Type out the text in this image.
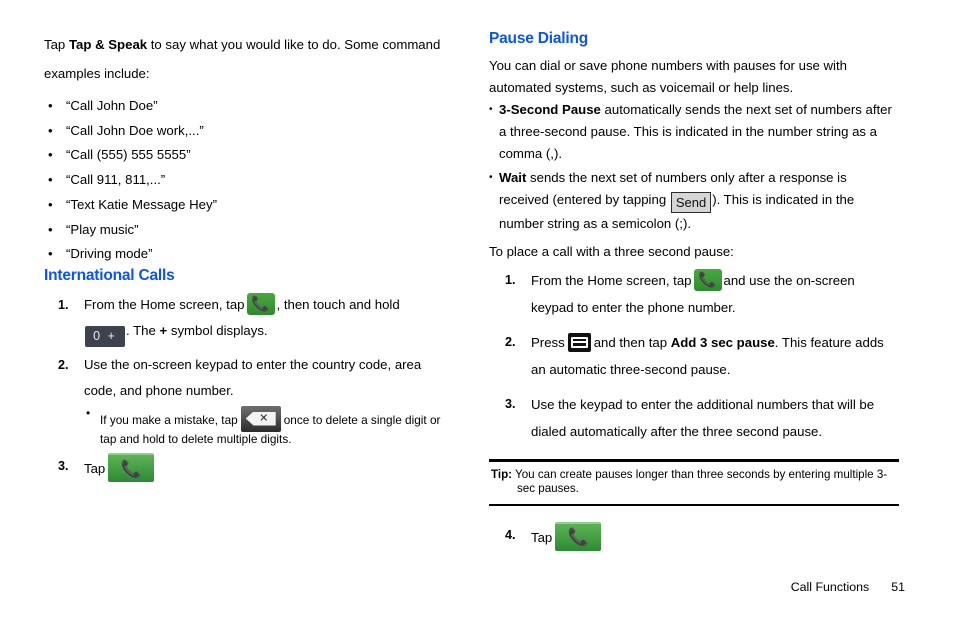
Tap Tap & Speak to say what you would like to do. Some command examples include:

• “Call John Doe”
• “Call John Doe work,...”
• “Call (555) 555 5555”
• “Call 911, 811,...”
• “Text Katie Message Hey”
• “Play music”
• “Driving mode”
International Calls
1. From the Home screen, tap 📞 , then touch and hold 0 + . The + symbol displays.
2. Use the on-screen keypad to enter the country code, area code, and phone number.
• If you make a mistake, tap	✕	once to delete a single digit or tap and hold to delete multiple digits.
3. Tap📞
Pause Dialing

You can dial or save phone numbers with pauses for use with automated systems, such as voicemail or help lines.

• 3-Second Pause automatically sends the next set of numbers after a three-second pause. This is indicated in the number string as a comma (,).
• Wait sends the next set of numbers only after a response is received (entered by tapping Send ). This is indicated in the number string as a semicolon (;).

To place a call with a three second pause:

1. From the Home screen, tap 📞 and use the on-screen keypad to enter the phone number.
2. Press and then tap Add 3 sec pause. This feature adds an automatic three-second pause.
3. Use the keypad to enter the additional numbers that will be dialed automatically after the three second pause.

Tip: You can create pauses longer than three seconds by entering multiple 3-sec pauses.

4. Tap📞
Call Functions 51
